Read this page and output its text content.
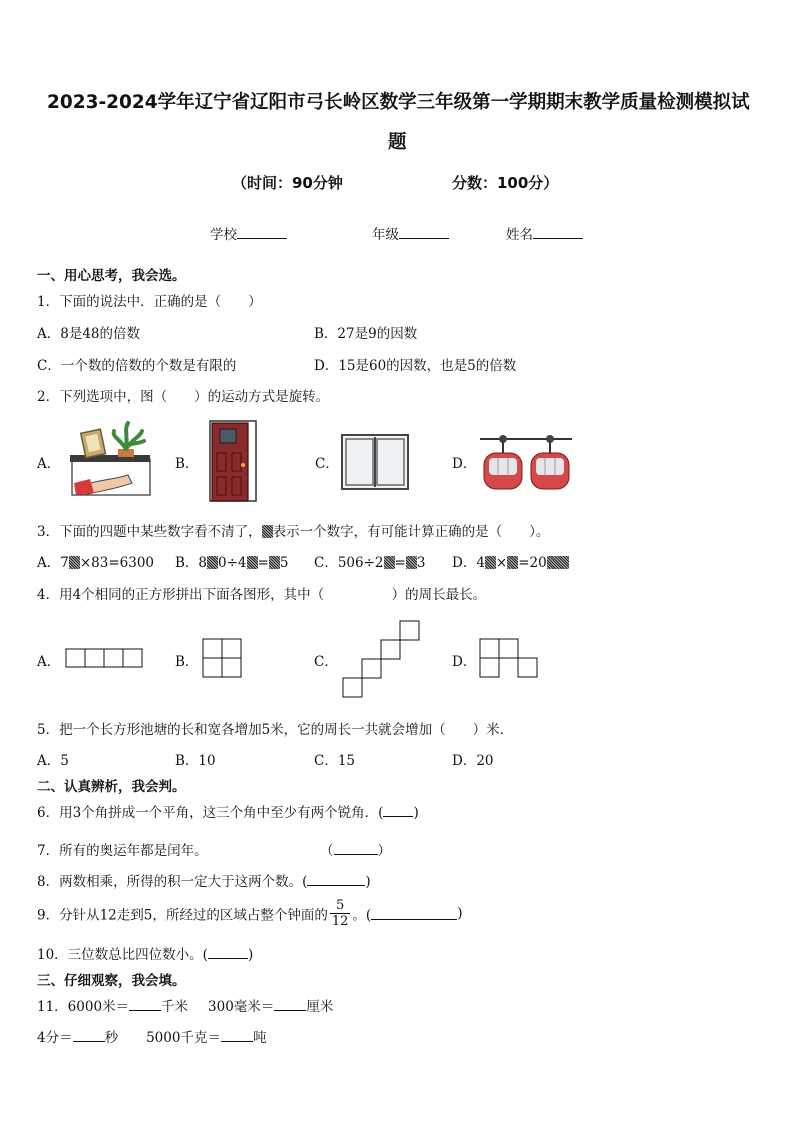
2023-2024学年辽宁省辽阳市弓长岭区数学三年级第一学期期末教学质量检测模拟试
题
（时间：90分钟	分数：100分）
学校	年级	姓名
一、用心思考，我会选。
1．下面的说法中．正确的是（　　）
A．8是48的倍数	B．27是9的因数
C．一个数的倍数的个数是有限的	D．15是60的因数，也是5的倍数
2．下列选项中，图（　　）的运动方式是旋转。
A．	B．	C．	D．
3．下面的四题中某些数字看不清了， 表示一个数字，有可能计算正确的是（　　）。
A．7 ×83=6300 B．8 0÷4 = 5 C．506÷2 = 3 D．4 × =20
4．用4个相同的正方形拼出下面各图形，其中（　　　　　）的周长最长。
A．	B．	C．	D．
5．把一个长方形池塘的长和宽各增加5米，它的周长一共就会增加（　　）米．
A．5	B．10	C．15	D．20
二、认真辨析，我会判。
6．用3个角拼成一个平角，这三个角中至少有两个锐角．( )
7．所有的奥运年都是闰年。	（	）
8．两数相乘，所得的积一定大于这两个数。(	)
9．分针从12走到5，所经过的区域占整个钟面的 $\frac{5}{12}$ 。(	)
10．三位数总比四位数小。(	)
三、仔细观察，我会填。
11．6000米＝ 千米 300毫米＝ 厘米
4分＝ 秒 5000千克＝ 吨
